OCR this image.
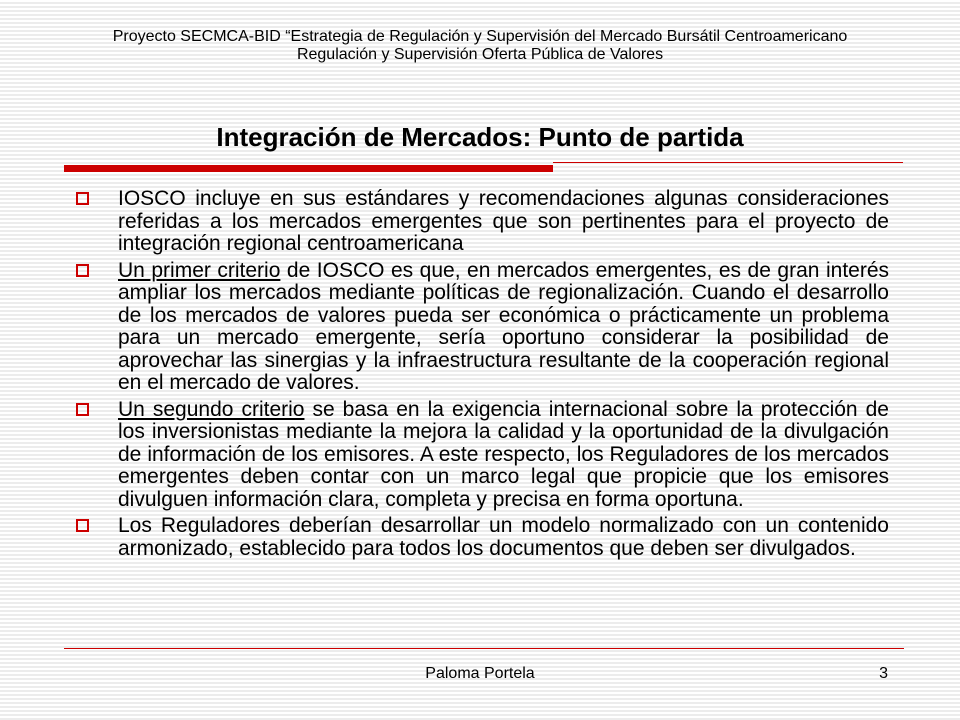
Proyecto SECMCA-BID “Estrategia de Regulación y Supervisión del Mercado Bursátil Centroamericano
Regulación y Supervisión Oferta Pública de Valores
Integración de Mercados: Punto de partida
IOSCO incluye en sus estándares y recomendaciones algunas consideraciones referidas a los mercados emergentes que son pertinentes para el proyecto de integración regional centroamericana
Un primer criterio de IOSCO es que, en mercados emergentes, es de gran interés ampliar los mercados mediante políticas de regionalización. Cuando el desarrollo de los mercados de valores pueda ser económica o prácticamente un problema para un mercado emergente, sería oportuno considerar la posibilidad de aprovechar las sinergias y la infraestructura resultante de la cooperación regional en el mercado de valores.
Un segundo criterio se basa en la exigencia internacional sobre la protección de los inversionistas mediante la mejora la calidad y la oportunidad de la divulgación de información de los emisores. A este respecto, los Reguladores de los mercados emergentes deben contar con un marco legal que propicie que los emisores divulguen información clara, completa y precisa en forma oportuna.
Los Reguladores deberían desarrollar un modelo normalizado con un contenido armonizado, establecido para todos los documentos que deben ser divulgados.
Paloma Portela	3
